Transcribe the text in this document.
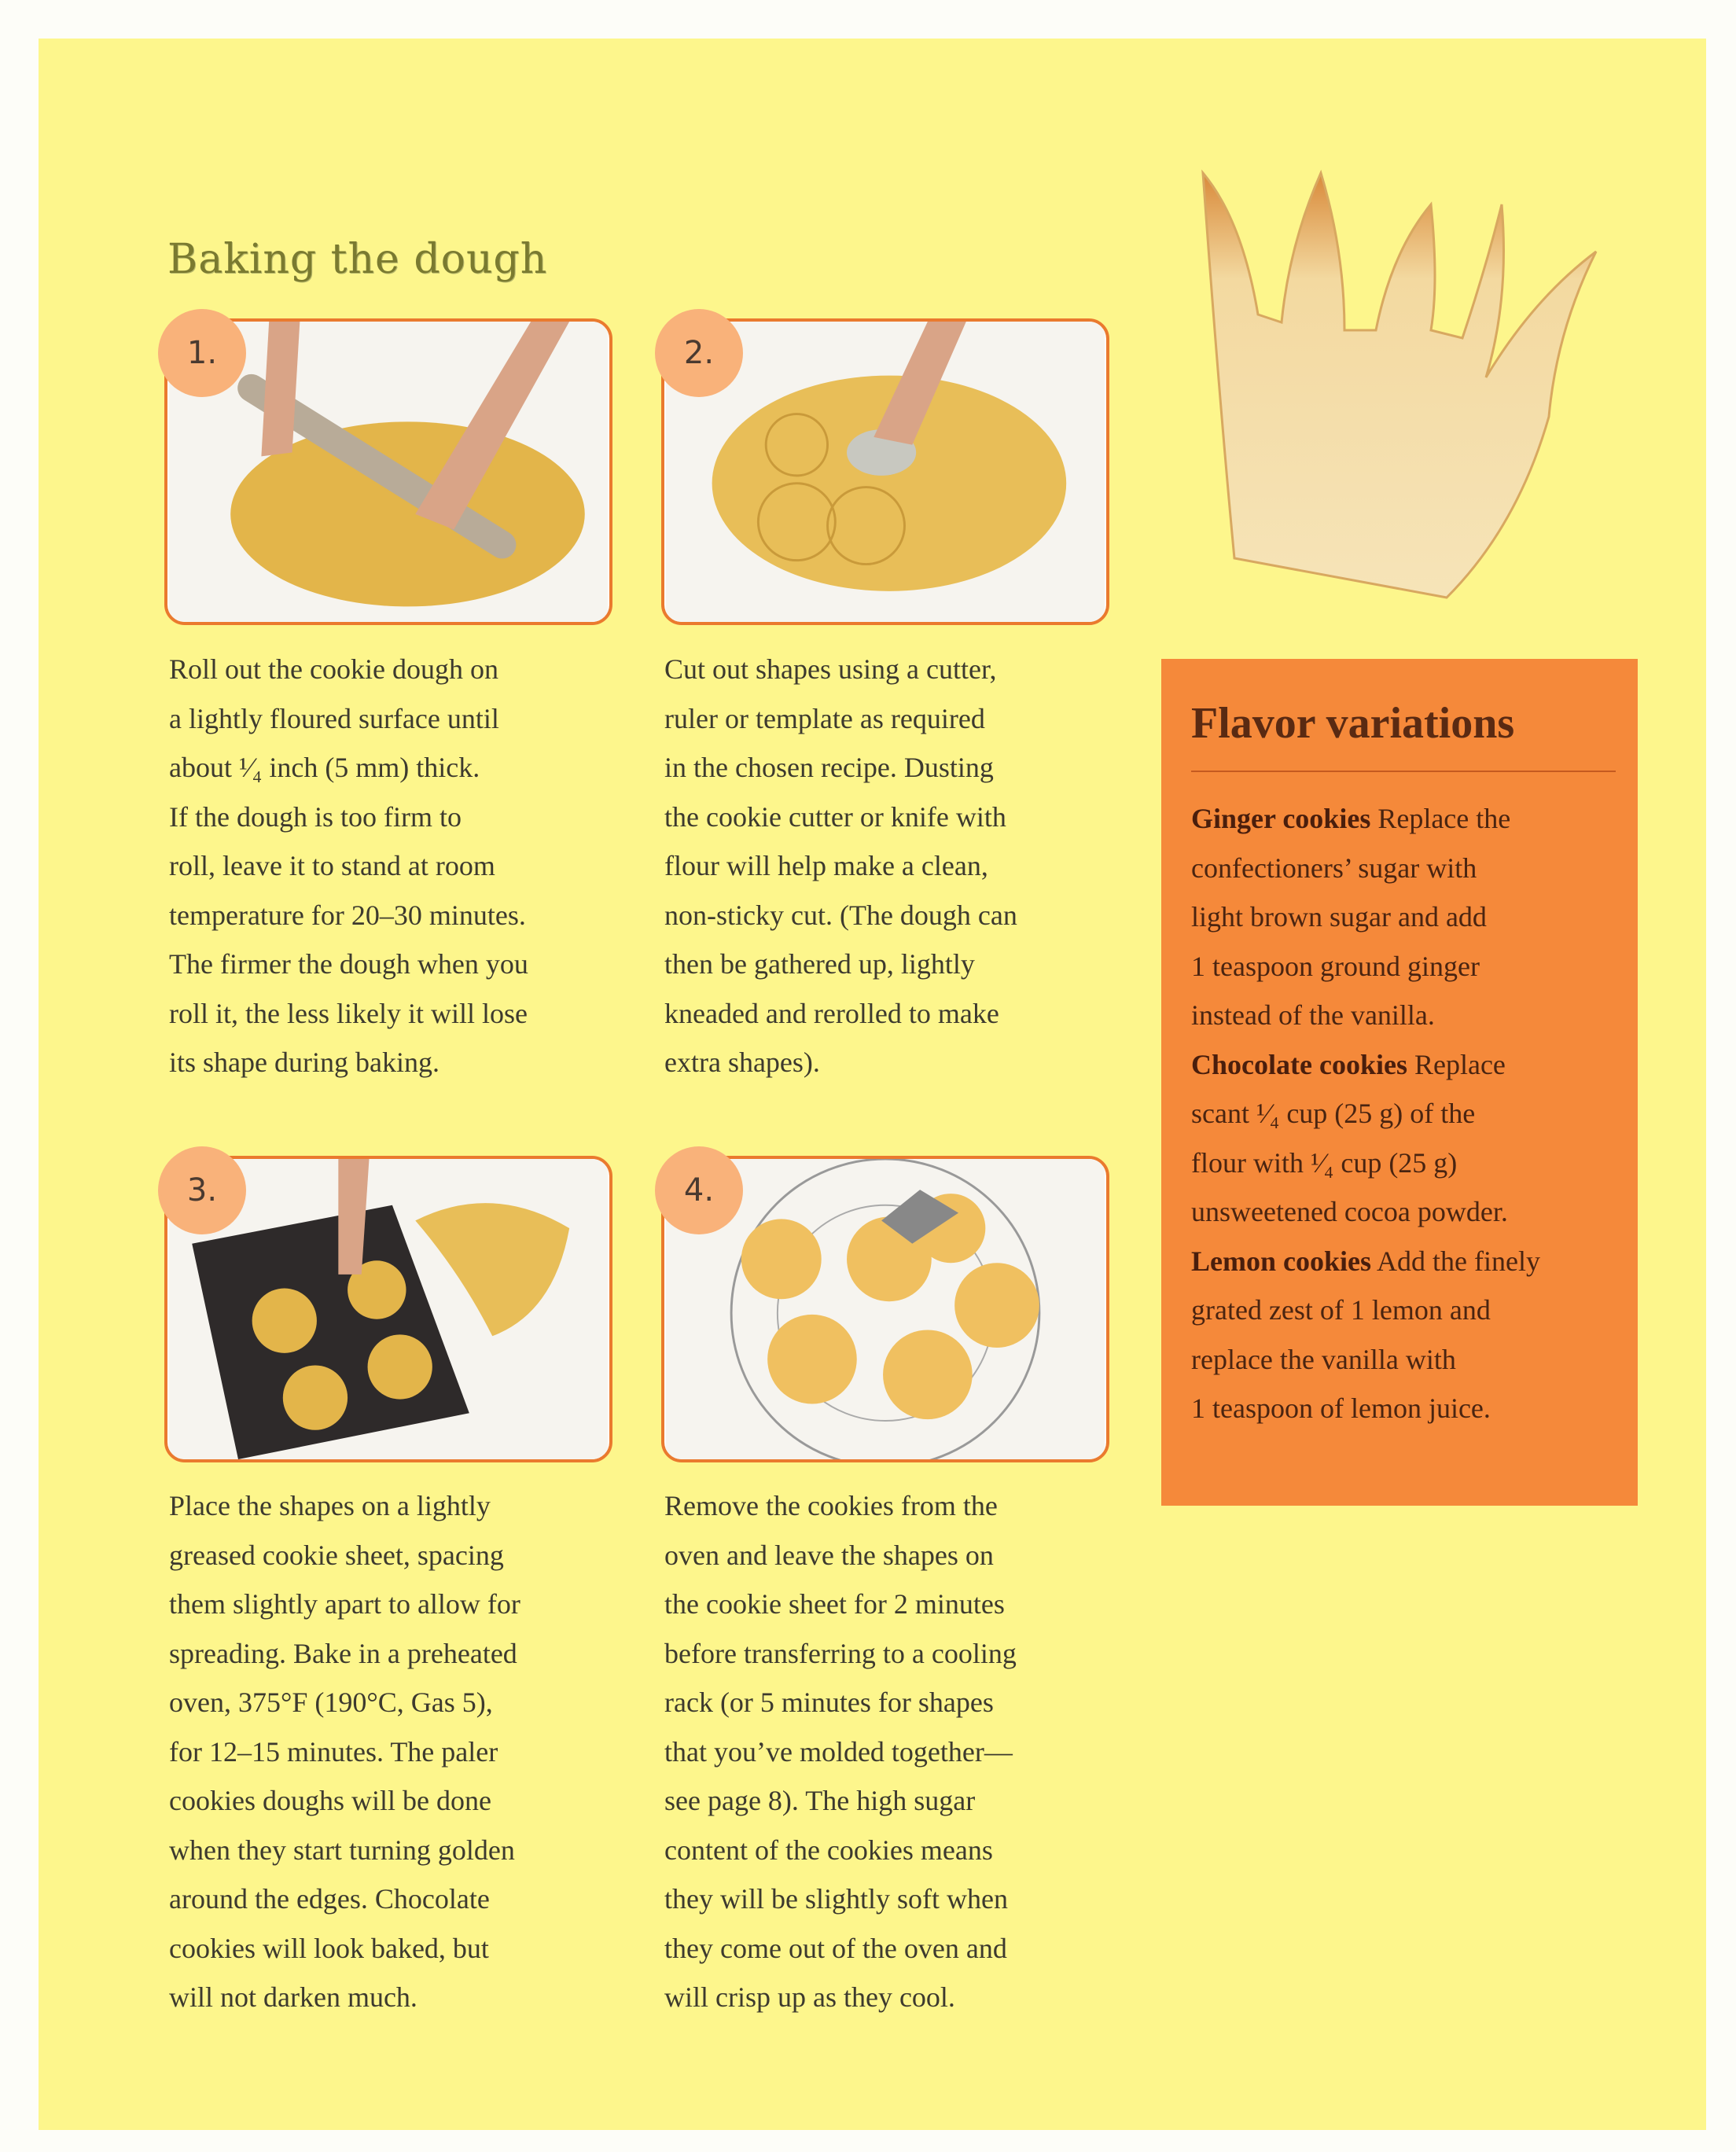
Baking the dough
1.	2.
3.	4.
Roll out the cookie dough on
a lightly floured surface until
about ¹⁄₄ inch (5 mm) thick.
If the dough is too firm to
roll, leave it to stand at room
temperature for 20–30 minutes.
The firmer the dough when you
roll it, the less likely it will lose
its shape during baking.
Cut out shapes using a cutter,
ruler or template as required
in the chosen recipe. Dusting
the cookie cutter or knife with
flour will help make a clean,
non-sticky cut. (The dough can
then be gathered up, lightly
kneaded and rerolled to make
extra shapes).
Place the shapes on a lightly
greased cookie sheet, spacing
them slightly apart to allow for
spreading. Bake in a preheated
oven, 375°F (190°C, Gas 5),
for 12–15 minutes. The paler
cookies doughs will be done
when they start turning golden
around the edges. Chocolate
cookies will look baked, but
will not darken much.
Remove the cookies from the
oven and leave the shapes on
the cookie sheet for 2 minutes
before transferring to a cooling
rack (or 5 minutes for shapes
that you’ve molded together—
see page 8). The high sugar
content of the cookies means
they will be slightly soft when
they come out of the oven and
will crisp up as they cool.
Flavor variations
Ginger cookies Replace the
confectioners’ sugar with
light brown sugar and add
1 teaspoon ground ginger
instead of the vanilla.
Chocolate cookies Replace
scant ¹⁄₄ cup (25 g) of the
flour with ¹⁄₄ cup (25 g)
unsweetened cocoa powder.
Lemon cookies Add the finely
grated zest of 1 lemon and
replace the vanilla with
1 teaspoon of lemon juice.
